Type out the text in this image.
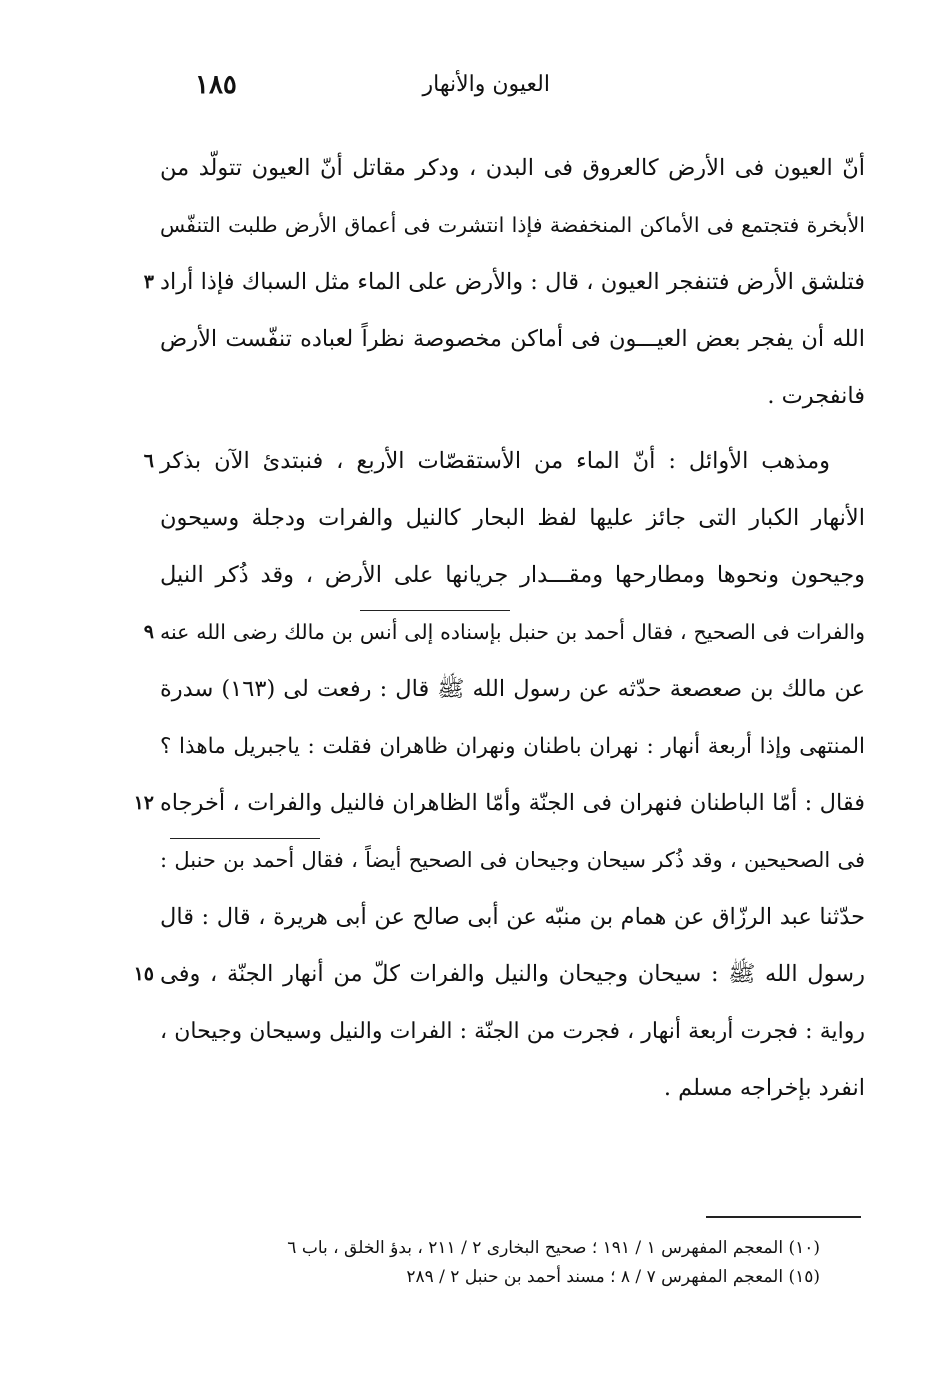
العيون والأنهار
١٨٥
أنّ العيون فى الأرض كالعروق فى البدن ، ودكر مقاتل أنّ العيون تتولّد من
الأبخرة فتجتمع فى الأماكن المنخفضة فإذا انتشرت فى أعماق الأرض طلبت التنفّس
فتلشق الأرض فتنفجر العيون ، قال : والأرض على الماء مثل السباك فإذا أراد
٣
الله أن يفجر بعض العيـــون فى أماكن مخصوصة نظراً لعباده تنفّست الأرض
فانفجرت .
ومذهب الأوائل : أنّ الماء من الأستقصّات الأربع ، فنبتدئ الآن بذكر
٦
الأنهار الكبار التى جائز عليها لفظ البحار كالنيل والفرات ودجلة وسيحون
وجيحون ونحوها ومطارحها ومقـــدار جريانها على الأرض ، وقد ذُكر النيل
والفرات فى الصحيح ، فقال أحمد بن حنبل بإسناده إلى أنس بن مالك رضى الله عنه
٩
عن مالك بن صعصعة حدّثه عن رسول الله ﷺ قال : رفعت لى (١٦٣) سدرة
المنتهى وإذا أربعة أنهار : نهران باطنان ونهران ظاهران فقلت : ياجبريل ماهذا ؟
فقال : أمّا الباطنان فنهران فى الجنّة وأمّا الظاهران فالنيل والفرات ، أخرجاه
١٢
فى الصحيحين ، وقد ذُكر سيحان وجيحان فى الصحيح أيضاً ، فقال أحمد بن حنبل :
حدّثنا عبد الرزّاق عن همام بن منبّه عن أبى صالح عن أبى هريرة ، قال : قال
رسول الله ﷺ : سيحان وجيحان والنيل والفرات كلّ من أنهار الجنّة ، وفى
١٥
رواية : فجرت أربعة أنهار ، فجرت من الجنّة : الفرات والنيل وسيحان وجيحان ،
انفرد بإخراجه مسلم .
(١٠) المعجم المفهرس ١ / ١٩١ ؛ صحيح البخارى ٢ / ٢١١ ، بدؤ الخلق ، باب ٦
(١٥) المعجم المفهرس ٧ / ٨ ؛ مسند أحمد بن حنبل ٢ / ٢٨٩
